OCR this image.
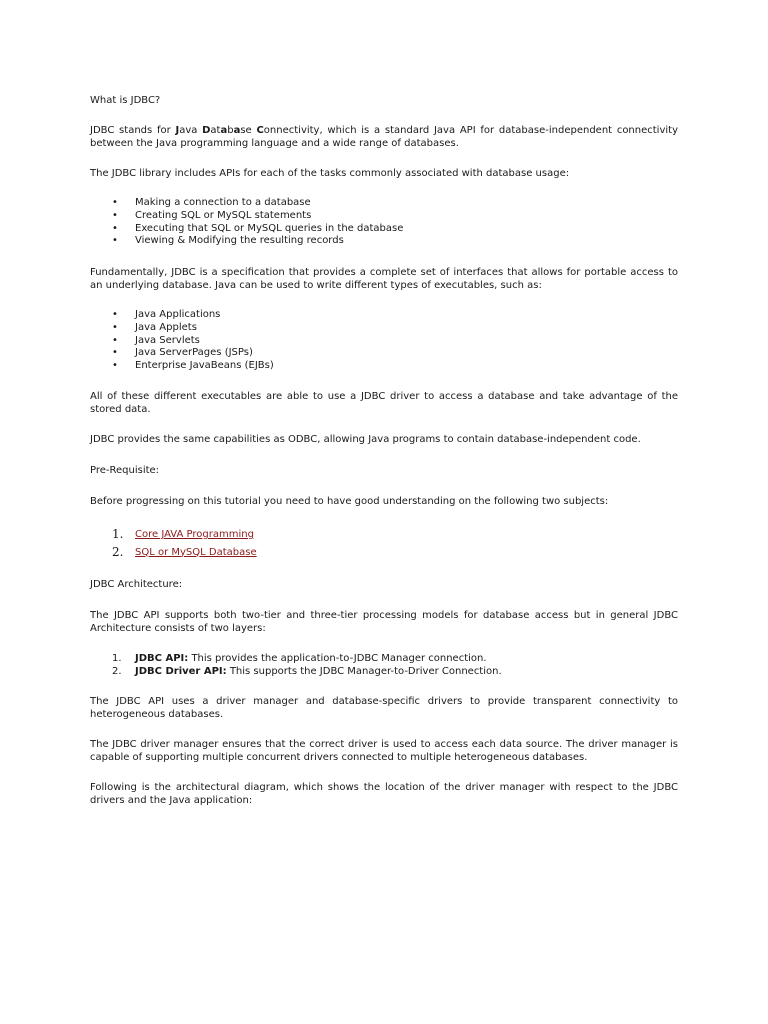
What is JDBC?

JDBC stands for Java Database Connectivity, which is a standard Java API for database-independent connectivity between the Java programming language and a wide range of databases.

The JDBC library includes APIs for each of the tasks commonly associated with database usage:

• Making a connection to a database
• Creating SQL or MySQL statements
• Executing that SQL or MySQL queries in the database
• Viewing & Modifying the resulting records

Fundamentally, JDBC is a specification that provides a complete set of interfaces that allows for portable access to an underlying database. Java can be used to write different types of executables, such as:

• Java Applications
• Java Applets
• Java Servlets
• Java ServerPages (JSPs)
• Enterprise JavaBeans (EJBs)

All of these different executables are able to use a JDBC driver to access a database and take advantage of the stored data.

JDBC provides the same capabilities as ODBC, allowing Java programs to contain database-independent code.

Pre-Requisite:

Before progressing on this tutorial you need to have good understanding on the following two subjects:

1. Core JAVA Programming
2. SQL or MySQL Database

JDBC Architecture:

The JDBC API supports both two-tier and three-tier processing models for database access but in general JDBC Architecture consists of two layers:

1. JDBC API: This provides the application-to-JDBC Manager connection.
2. JDBC Driver API: This supports the JDBC Manager-to-Driver Connection.

The JDBC API uses a driver manager and database-specific drivers to provide transparent connectivity to heterogeneous databases.

The JDBC driver manager ensures that the correct driver is used to access each data source. The driver manager is capable of supporting multiple concurrent drivers connected to multiple heterogeneous databases.

Following is the architectural diagram, which shows the location of the driver manager with respect to the JDBC drivers and the Java application:
